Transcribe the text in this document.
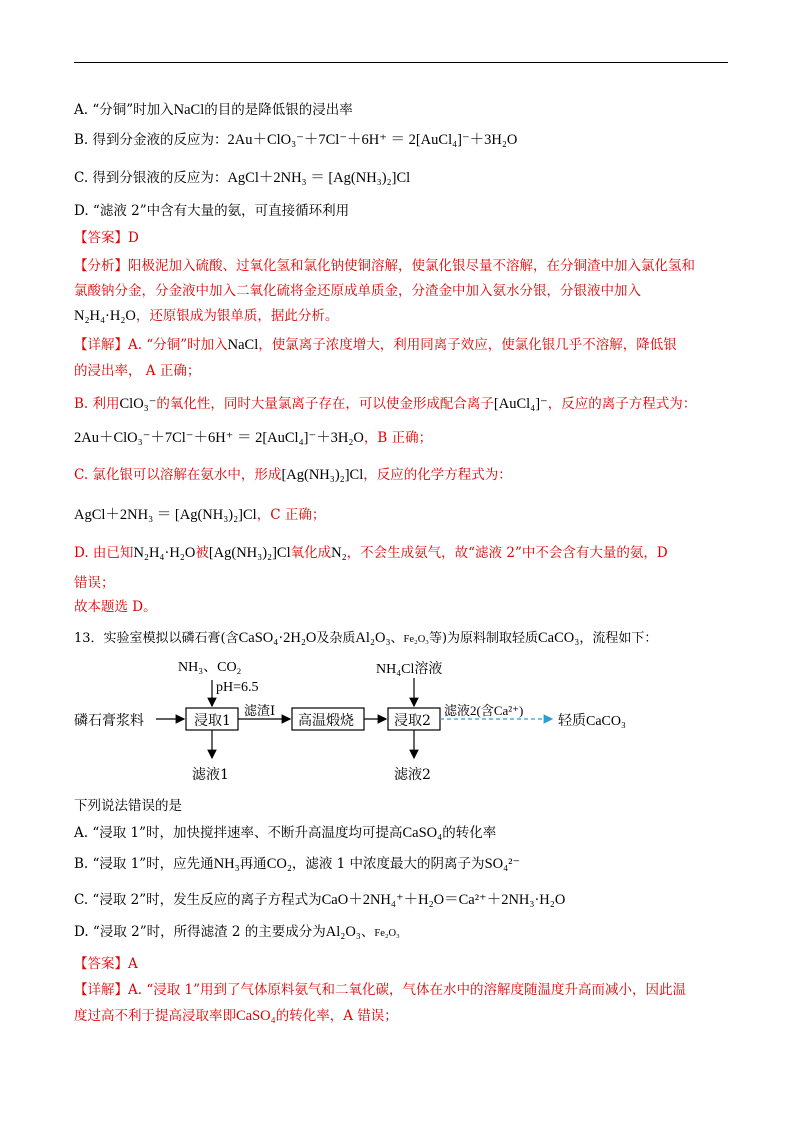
A. “分铜”时加入NaCl的目的是降低银的浸出率
B. 得到分金液的反应为：2Au＋ClO₃⁻＋7Cl⁻＋6H⁺ ＝ 2[AuCl₄]⁻＋3H₂O
C. 得到分银液的反应为：AgCl＋2NH₃ ＝ [Ag(NH₃)₂]Cl
D. “滤液 2”中含有大量的氨，可直接循环利用
【答案】D
【分析】阳极泥加入硫酸、过氧化氢和氯化钠使铜溶解，使氯化银尽量不溶解，在分铜渣中加入氯化氢和
氯酸钠分金，分金液中加入二氧化硫将金还原成单质金，分渣金中加入氨水分银，分银液中加入
N₂H₄·H₂O，还原银成为银单质，据此分析。
【详解】A. “分铜”时加入NaCl，使氯离子浓度增大，利用同离子效应，使氯化银几乎不溶解，降低银
的浸出率， A 正确；
B. 利用ClO₃⁻的氧化性，同时大量氯离子存在，可以使金形成配合离子[AuCl₄]⁻，反应的离子方程式为：
2Au＋ClO₃⁻＋7Cl⁻＋6H⁺ ＝ 2[AuCl₄]⁻＋3H₂O，B 正确；
C. 氯化银可以溶解在氨水中，形成[Ag(NH₃)₂]Cl，反应的化学方程式为：
AgCl＋2NH₃ ＝ [Ag(NH₃)₂]Cl，C 正确；
D. 由已知N₂H₄·H₂O被[Ag(NH₃)₂]Cl氧化成N₂，不会生成氨气，故“滤液 2”中不会含有大量的氨，D
错误；
故本题选 D。
13．实验室模拟以磷石膏(含CaSO₄·2H₂O及杂质Al₂O₃、Fe₂O₃等)为原料制取轻质CaCO₃，流程如下：
磷石膏浆料
NH₃、CO₂
pH=6.5
浸取1
滤渣Ⅰ
高温煅烧
NH₄Cl溶液
浸取2
滤液2(含Ca²⁺)
轻质CaCO₃
滤液1	滤液2
下列说法错误的是
A. “浸取 1”时，加快搅拌速率、不断升高温度均可提高CaSO₄的转化率
B. “浸取 1”时，应先通NH₃再通CO₂，滤液 1 中浓度最大的阴离子为SO₄²⁻
C. “浸取 2”时，发生反应的离子方程式为CaO＋2NH₄⁺＋H₂O＝Ca²⁺＋2NH₃·H₂O
D. “浸取 2”时，所得滤渣 2 的主要成分为Al₂O₃、Fe₂O₃
【答案】A
【详解】A. “浸取 1”用到了气体原料氨气和二氧化碳，气体在水中的溶解度随温度升高而减小，因此温
度过高不利于提高浸取率即CaSO₄的转化率，A 错误；
